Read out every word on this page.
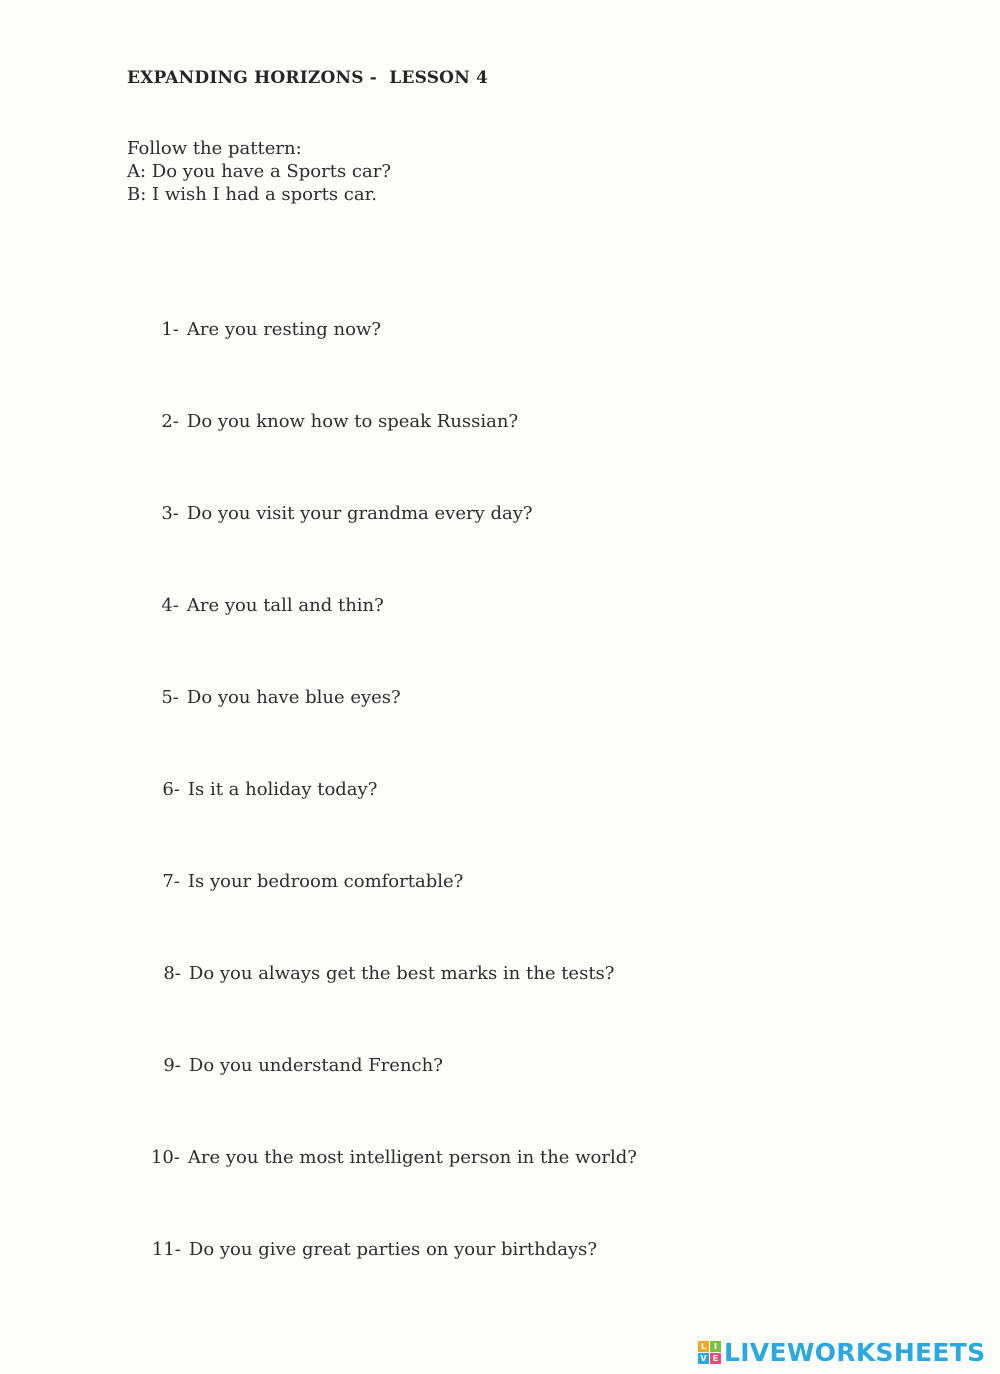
EXPANDING HORIZONS -  LESSON 4
Follow the pattern:
A: Do you have a Sports car?
B: I wish I had a sports car.

1- Are you resting now?

2- Do you know how to speak Russian?

3- Do you visit your grandma every day?

4- Are you tall and thin?

5- Do you have blue eyes?

6- Is it a holiday today?

7- Is your bedroom comfortable?

8- Do you always get the best marks in the tests?

9- Do you understand French?

10- Are you the most intelligent person in the world?

11- Do you give great parties on your birthdays?

L I
V E LIVEWORKSHEETS
